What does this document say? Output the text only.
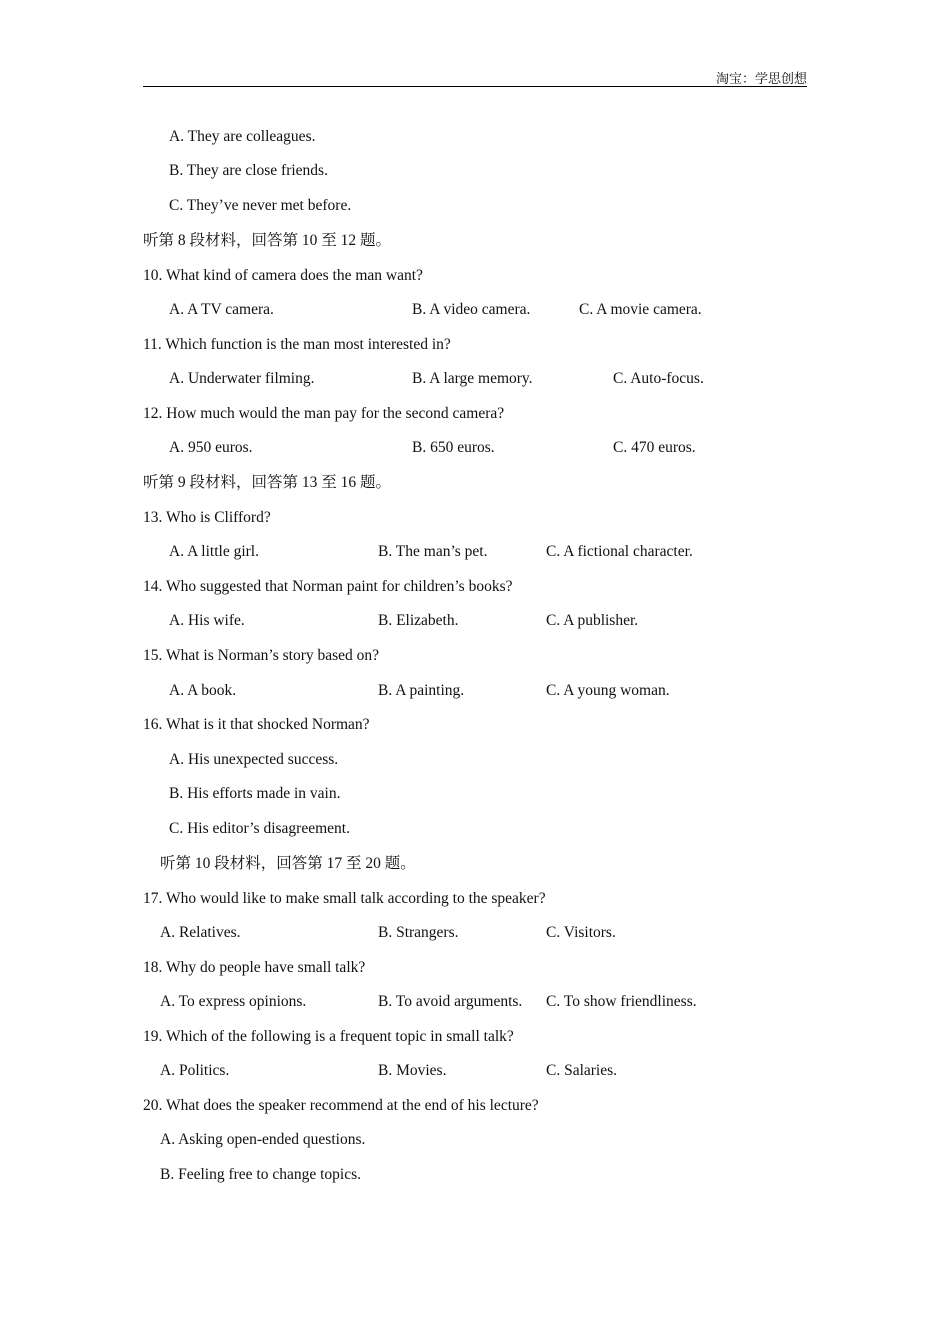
淘宝：学思创想
A. They are colleagues.
B. They are close friends.
C. They’ve never met before.
听第 8 段材料，回答第 10 至 12 题。
10. What kind of camera does the man want?
A. A TV camera.	B. A video camera.	C. A movie camera.
11. Which function is the man most interested in?
A. Underwater filming.	B. A large memory.	C. Auto-focus.
12. How much would the man pay for the second camera?
A. 950 euros.	B. 650 euros.	C. 470 euros.
听第 9 段材料，回答第 13 至 16 题。
13. Who is Clifford?
A. A little girl.	B. The man’s pet.	C. A fictional character.
14. Who suggested that Norman paint for children’s books?
A. His wife.	B. Elizabeth.	C. A publisher.
15. What is Norman’s story based on?
A. A book.	B. A painting.	C. A young woman.
16. What is it that shocked Norman?
A. His unexpected success.
B. His efforts made in vain.
C. His editor’s disagreement.
听第 10 段材料，回答第 17 至 20 题。
17. Who would like to make small talk according to the speaker?
A. Relatives.	B. Strangers.	C. Visitors.
18. Why do people have small talk?
A. To express opinions.	B. To avoid arguments. C. To show friendliness.
19. Which of the following is a frequent topic in small talk?
A. Politics.	B. Movies.	C. Salaries.
20. What does the speaker recommend at the end of his lecture?
A. Asking open-ended questions.
B. Feeling free to change topics.
